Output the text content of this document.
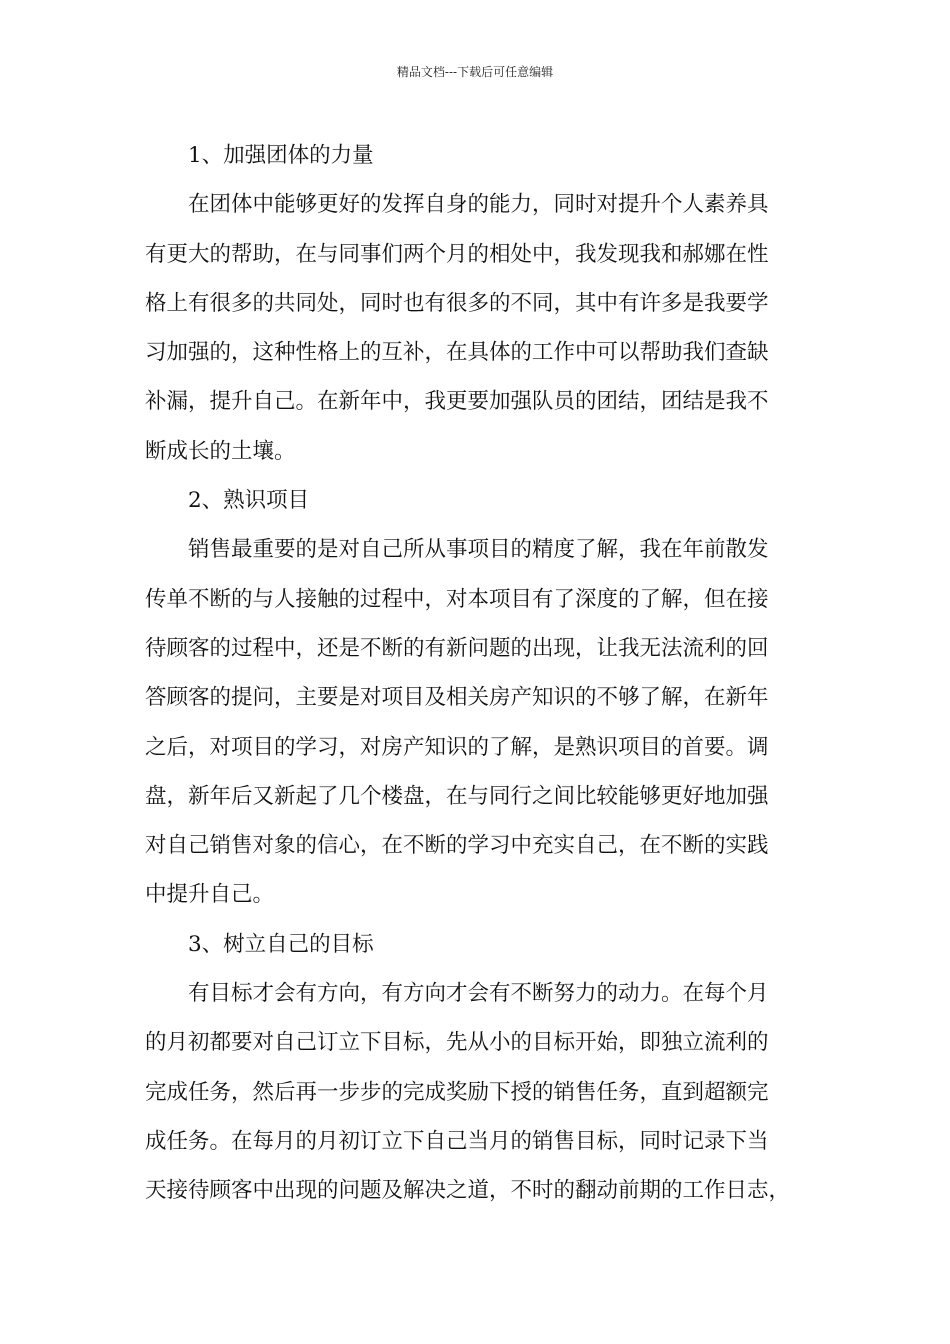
精品文档---下载后可任意编辑
1、加强团体的力量
在团体中能够更好的发挥自身的能力，同时对提升个人素养具
有更大的帮助，在与同事们两个月的相处中，我发现我和郝娜在性
格上有很多的共同处，同时也有很多的不同，其中有许多是我要学
习加强的，这种性格上的互补，在具体的工作中可以帮助我们查缺
补漏，提升自己。在新年中，我更要加强队员的团结，团结是我不
断成长的土壤。
2、熟识项目
销售最重要的是对自己所从事项目的精度了解，我在年前散发
传单不断的与人接触的过程中，对本项目有了深度的了解，但在接
待顾客的过程中，还是不断的有新问题的出现，让我无法流利的回
答顾客的提问，主要是对项目及相关房产知识的不够了解，在新年
之后，对项目的学习，对房产知识的了解，是熟识项目的首要。调
盘，新年后又新起了几个楼盘，在与同行之间比较能够更好地加强
对自己销售对象的信心，在不断的学习中充实自己，在不断的实践
中提升自己。
3、树立自己的目标
有目标才会有方向，有方向才会有不断努力的动力。在每个月
的月初都要对自己订立下目标，先从小的目标开始，即独立流利的
完成任务，然后再一步步的完成奖励下授的销售任务，直到超额完
成任务。在每月的月初订立下自己当月的销售目标，同时记录下当
天接待顾客中出现的问题及解决之道，不时的翻动前期的工作日志，
